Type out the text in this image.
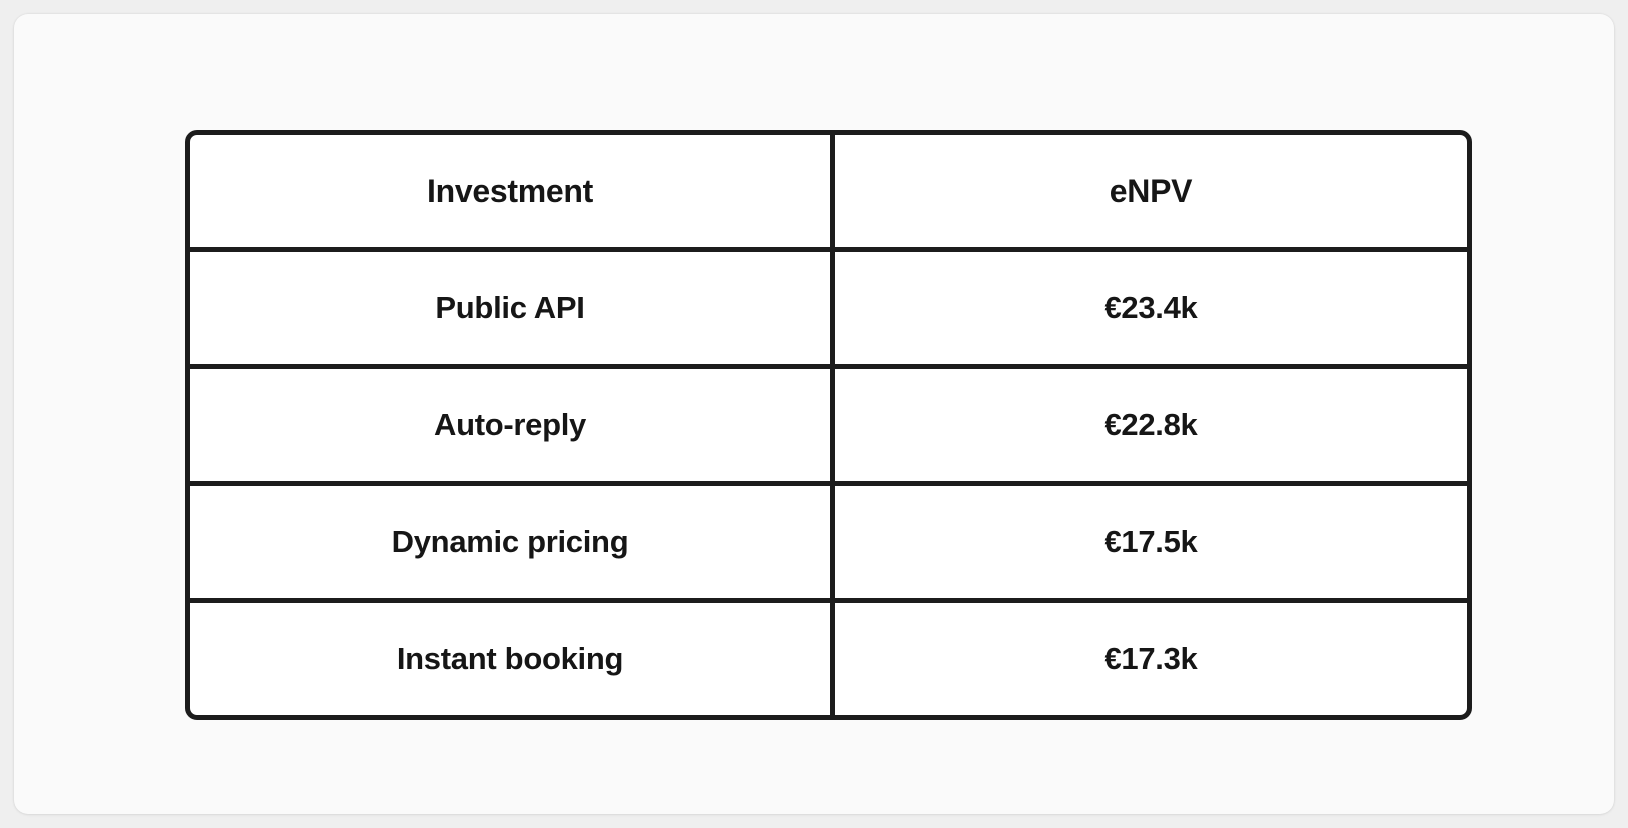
Investment	eNPV
Public API	€23.4k
Auto-reply	€22.8k
Dynamic pricing	€17.5k
Instant booking	€17.3k
